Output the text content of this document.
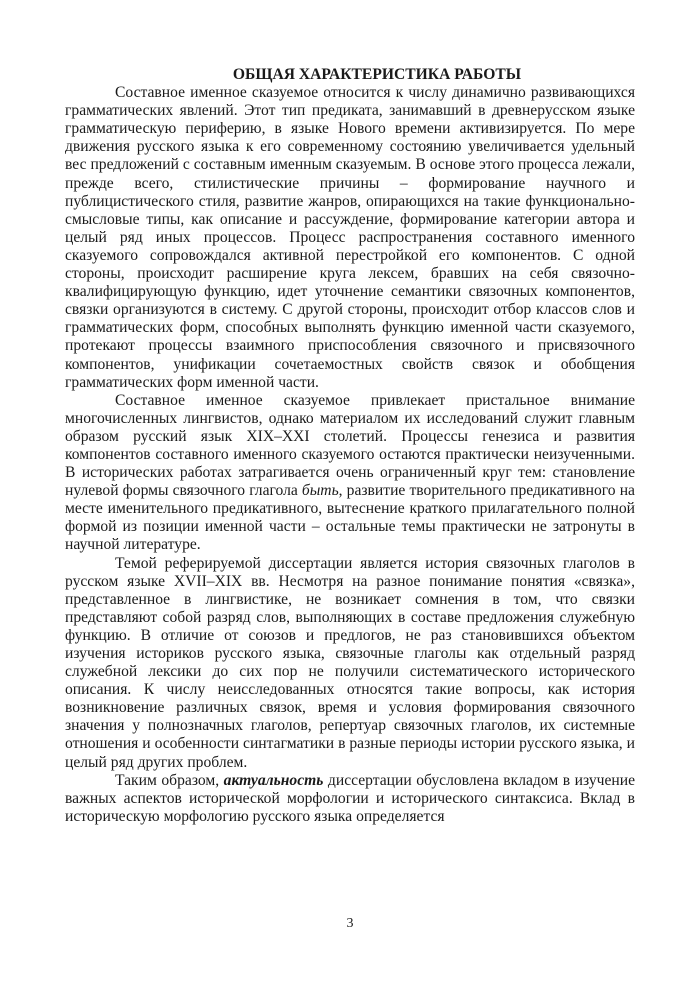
ОБЩАЯ ХАРАКТЕРИСТИКА РАБОТЫ

Составное именное сказуемое относится к числу динамично развивающихся грамматических явлений. Этот тип предиката, занимавший в древнерусском языке грамматическую периферию, в языке Нового времени активизируется. По мере движения русского языка к его современному состоянию увеличивается удельный вес предложений с составным именным сказуемым. В основе этого процесса лежали, прежде всего, стилистические причины – формирование научного и публицистического стиля, развитие жанров, опирающихся на такие функционально-смысловые типы, как описание и рассуждение, формирование категории автора и целый ряд иных процессов. Процесс распространения составного именного сказуемого сопровождался активной перестройкой его компонентов. С одной стороны, происходит расширение круга лексем, бравших на себя связочно-квалифицирующую функцию, идет уточнение семантики связочных компонентов, связки организуются в систему. С другой стороны, происходит отбор классов слов и грамматических форм, способных выполнять функцию именной части сказуемого, протекают процессы взаимного приспособления связочного и присвязочного компонентов, унификации сочетаемостных свойств связок и обобщения грамматических форм именной части.

Составное именное сказуемое привлекает пристальное внимание многочисленных лингвистов, однако материалом их исследований служит главным образом русский язык XIX–XXI столетий. Процессы генезиса и развития компонентов составного именного сказуемого остаются практически неизученными. В исторических работах затрагивается очень ограниченный круг тем: становление нулевой формы связочного глагола быть, развитие творительного предикативного на месте именительного предикативного, вытеснение краткого прилагательного полной формой из позиции именной части – остальные темы практически не затронуты в научной литературе.

Темой реферируемой диссертации является история связочных глаголов в русском языке XVII–XIX вв. Несмотря на разное понимание понятия «связка», представленное в лингвистике, не возникает сомнения в том, что связки представляют собой разряд слов, выполняющих в составе предложения служебную функцию. В отличие от союзов и предлогов, не раз становившихся объектом изучения историков русского языка, связочные глаголы как отдельный разряд служебной лексики до сих пор не получили систематического исторического описания. К числу неисследованных относятся такие вопросы, как история возникновение различных связок, время и условия формирования связочного значения у полнозначных глаголов, репертуар связочных глаголов, их системные отношения и особенности синтагматики в разные периоды истории русского языка, и целый ряд других проблем.

Таким образом, актуальность диссертации обусловлена вкладом в изучение важных аспектов исторической морфологии и исторического синтаксиса. Вклад в историческую морфологию русского языка определяется

3
